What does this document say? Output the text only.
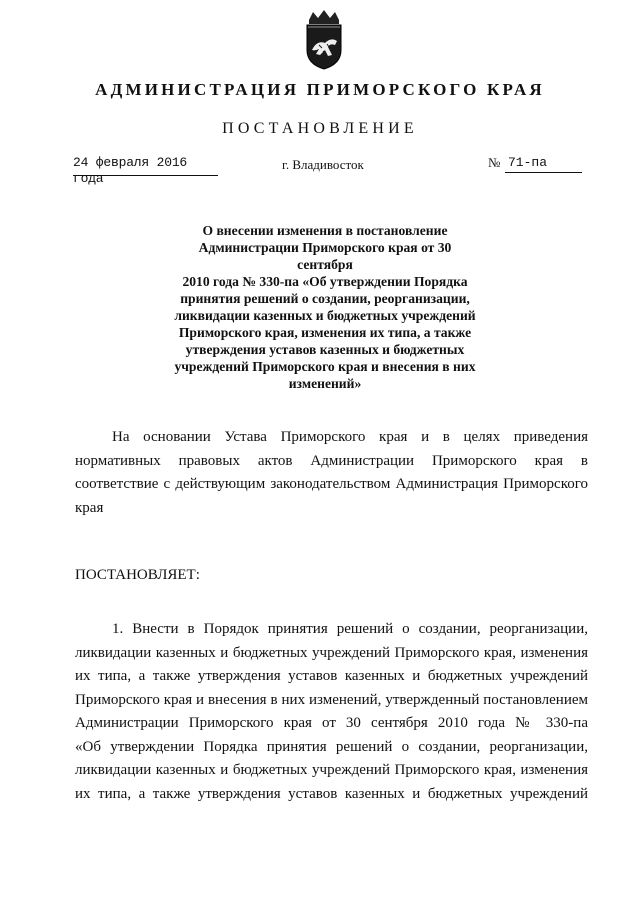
АДМИНИСТРАЦИЯ ПРИМОРСКОГО КРАЯ
ПОСТАНОВЛЕНИЕ
24 февраля 2016 года
г. Владивосток	№ 71-па
О внесении изменения в постановление
Администрации Приморского края от 30 сентября
2010 года № 330-па «Об утверждении Порядка
принятия решений о создании, реорганизации,
ликвидации казенных и бюджетных учреждений
Приморского края, изменения их типа, а также
утверждения уставов казенных и бюджетных
учреждений Приморского края и внесения в них
изменений»
На основании Устава Приморского края и в целях приведения
нормативных правовых актов Администрации Приморского края в
соответствие с действующим законодательством Администрация Приморского
края
ПОСТАНОВЛЯЕТ:
1. Внести в Порядок принятия решений о создании, реорганизации,
ликвидации казенных и бюджетных учреждений Приморского края, изменения
их типа, а также утверждения уставов казенных и бюджетных учреждений
Приморского края и внесения в них изменений, утвержденный постановлением
Администрации Приморского края от 30 сентября 2010 года № 330-па
«Об утверждении Порядка принятия решений о создании, реорганизации,
ликвидации казенных и бюджетных учреждений Приморского края, изменения
их типа, а также утверждения уставов казенных и бюджетных учреждений
